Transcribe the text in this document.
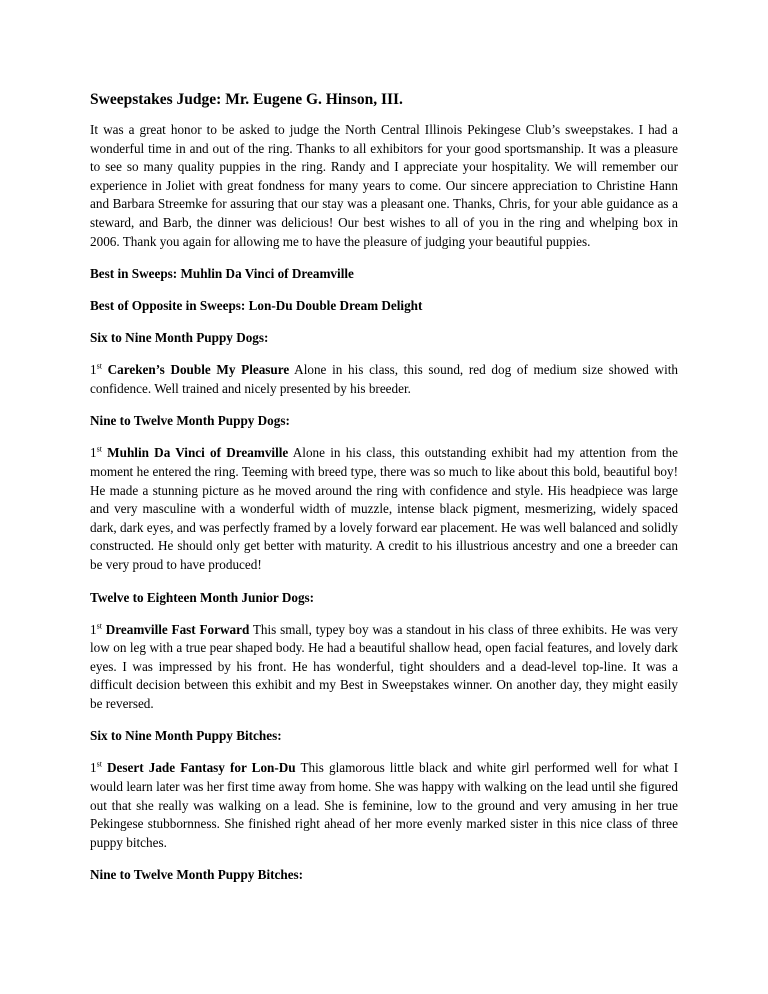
Sweepstakes Judge: Mr. Eugene G. Hinson, III.

It was a great honor to be asked to judge the North Central Illinois Pekingese Club’s sweepstakes. I had a wonderful time in and out of the ring. Thanks to all exhibitors for your good sportsmanship. It was a pleasure to see so many quality puppies in the ring. Randy and I appreciate your hospitality. We will remember our experience in Joliet with great fondness for many years to come. Our sincere appreciation to Christine Hann and Barbara Streemke for assuring that our stay was a pleasant one. Thanks, Chris, for your able guidance as a steward, and Barb, the dinner was delicious! Our best wishes to all of you in the ring and whelping box in 2006. Thank you again for allowing me to have the pleasure of judging your beautiful puppies.

Best in Sweeps: Muhlin Da Vinci of Dreamville

Best of Opposite in Sweeps: Lon-Du Double Dream Delight

Six to Nine Month Puppy Dogs:

1st Careken’s Double My Pleasure Alone in his class, this sound, red dog of medium size showed with confidence. Well trained and nicely presented by his breeder.

Nine to Twelve Month Puppy Dogs:

1st Muhlin Da Vinci of Dreamville Alone in his class, this outstanding exhibit had my attention from the moment he entered the ring. Teeming with breed type, there was so much to like about this bold, beautiful boy! He made a stunning picture as he moved around the ring with confidence and style. His headpiece was large and very masculine with a wonderful width of muzzle, intense black pigment, mesmerizing, widely spaced dark, dark eyes, and was perfectly framed by a lovely forward ear placement. He was well balanced and solidly constructed. He should only get better with maturity. A credit to his illustrious ancestry and one a breeder can be very proud to have produced!

Twelve to Eighteen Month Junior Dogs:

1st Dreamville Fast Forward This small, typey boy was a standout in his class of three exhibits. He was very low on leg with a true pear shaped body. He had a beautiful shallow head, open facial features, and lovely dark eyes. I was impressed by his front. He has wonderful, tight shoulders and a dead-level top-line. It was a difficult decision between this exhibit and my Best in Sweepstakes winner. On another day, they might easily be reversed.

Six to Nine Month Puppy Bitches:

1st Desert Jade Fantasy for Lon-Du This glamorous little black and white girl performed well for what I would learn later was her first time away from home. She was happy with walking on the lead until she figured out that she really was walking on a lead. She is feminine, low to the ground and very amusing in her true Pekingese stubbornness. She finished right ahead of her more evenly marked sister in this nice class of three puppy bitches.

Nine to Twelve Month Puppy Bitches:
